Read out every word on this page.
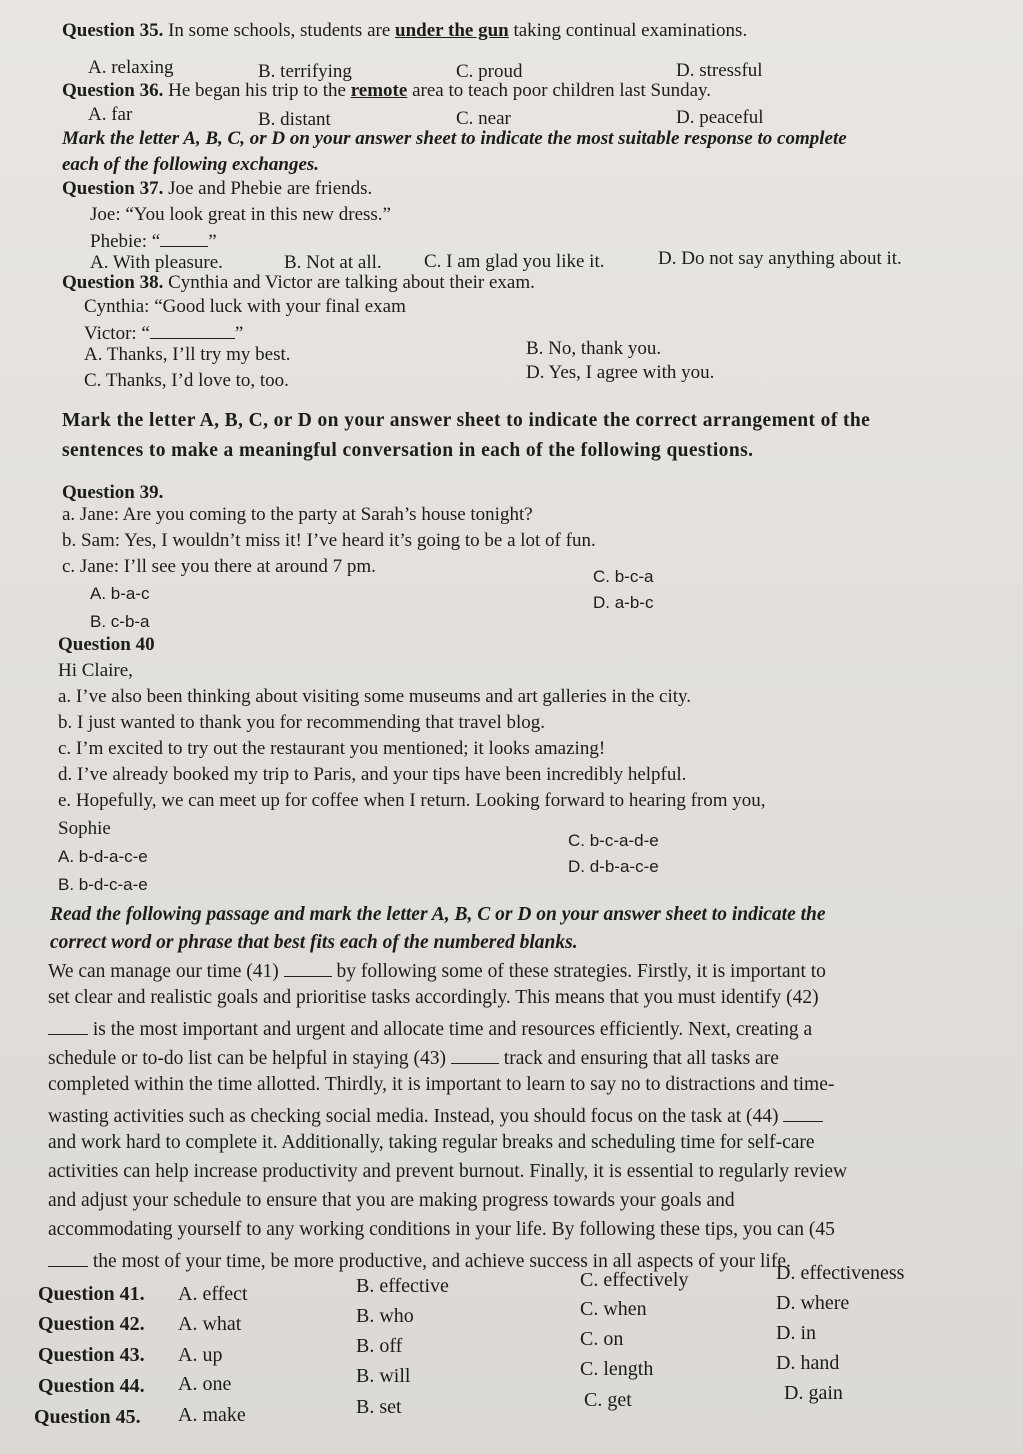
Question 35. In some schools, students are under the gun taking continual examinations.
A. relaxing	B. terrifying	C. proud	D. stressful
Question 36. He began his trip to the remote area to teach poor children last Sunday.
A. far	B. distant	C. near	D. peaceful
Mark the letter A, B, C, or D on your answer sheet to indicate the most suitable response to complete
each of the following exchanges.
Question 37. Joe and Phebie are friends.
Joe: “You look great in this new dress.”
Phebie: “	”
A. With pleasure.	B. Not at all. C. I am glad you like it.	D. Do not say anything about it.
Question 38. Cynthia and Victor are talking about their exam.
Cynthia: “Good luck with your final exam
Victor: “	”
A. Thanks, I’ll try my best.	B. No, thank you.
C. Thanks, I’d love to, too.	D. Yes, I agree with you.
Mark the letter A, B, C, or D on your answer sheet to indicate the correct arrangement of the
sentences to make a meaningful conversation in each of the following questions.
Question 39.
a. Jane: Are you coming to the party at Sarah’s house tonight?
b. Sam: Yes, I wouldn’t miss it! I’ve heard it’s going to be a lot of fun.
c. Jane: I’ll see you there at around 7 pm.
A. b-a-c
B. c-b-a
C. b-c-a
D. a-b-c
Question 40
Hi Claire,
a. I’ve also been thinking about visiting some museums and art galleries in the city.
b. I just wanted to thank you for recommending that travel blog.
c. I’m excited to try out the restaurant you mentioned; it looks amazing!
d. I’ve already booked my trip to Paris, and your tips have been incredibly helpful.
e. Hopefully, we can meet up for coffee when I return. Looking forward to hearing from you,
Sophie
A. b-d-a-c-e
B. b-d-c-a-e
C. b-c-a-d-e
D. d-b-a-c-e
Read the following passage and mark the letter A, B, C or D on your answer sheet to indicate the
correct word or phrase that best fits each of the numbered blanks.
We can manage our time (41)  by following some of these strategies. Firstly, it is important to
set clear and realistic goals and prioritise tasks accordingly. This means that you must identify (42)
is the most important and urgent and allocate time and resources efficiently. Next, creating a
schedule or to-do list can be helpful in staying (43)  track and ensuring that all tasks are
completed within the time allotted. Thirdly, it is important to learn to say no to distractions and time-
wasting activities such as checking social media. Instead, you should focus on the task at (44)
and work hard to complete it. Additionally, taking regular breaks and scheduling time for self-care
activities can help increase productivity and prevent burnout. Finally, it is essential to regularly review
and adjust your schedule to ensure that you are making progress towards your goals and
accommodating yourself to any working conditions in your life. By following these tips, you can (45
the most of your time, be more productive, and achieve success in all aspects of your life.
Question 41. A. effect	B. effective	C. effectively	D. effectiveness
Question 42. A. what	B. who	C. when	D. where
Question 43. A. up	B. off	C. on	D. in
Question 44. A. one	B. will	C. length	D. hand
Question 45. A. make	B. set	C. get	D. gain
